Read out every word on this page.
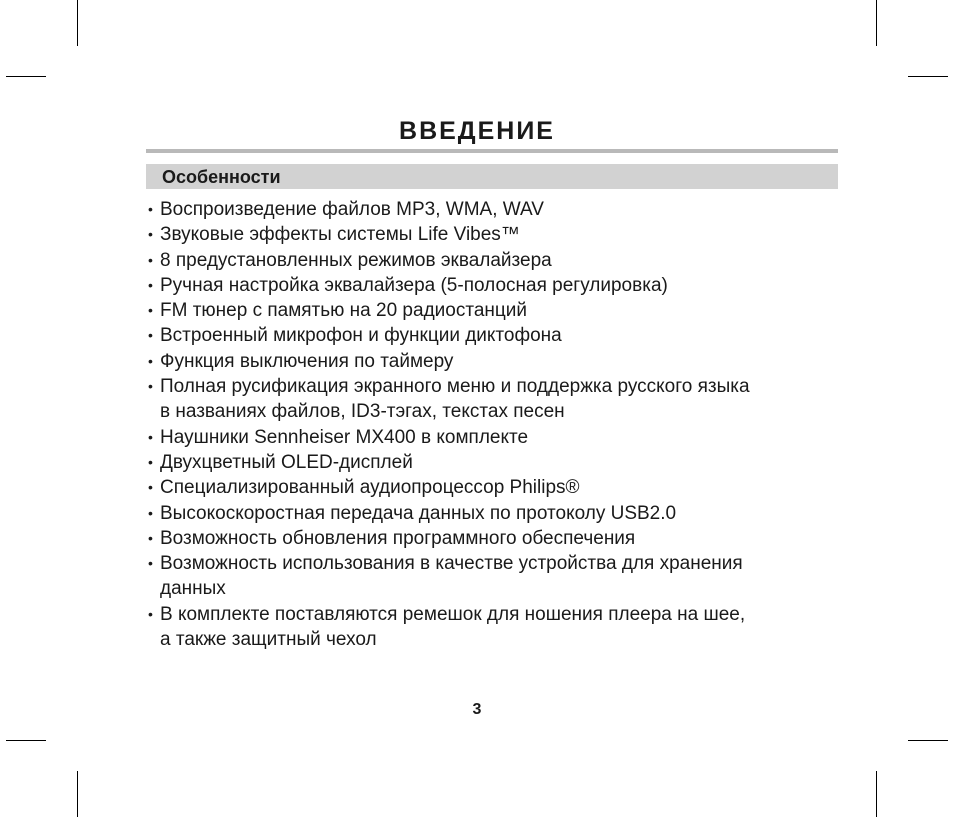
ВВЕДЕНИЕ
Особенности
• Воспроизведение файлов MP3, WMA, WAV
• Звуковые эффекты системы Life Vibes™
• 8 предустановленных режимов эквалайзера
• Ручная настройка эквалайзера (5-полосная регулировка)
• FM тюнер с памятью на 20 радиостанций
• Встроенный микрофон и функции диктофона
• Функция выключения по таймеру
• Полная русификация экранного меню и поддержка русского языка
в названиях файлов, ID3-тэгах, текстах песен
• Наушники Sennheiser MX400 в комплекте
• Двухцветный OLED-дисплей
• Специализированный аудиопроцессор Philips®
• Высокоскоростная передача данных по протоколу USB2.0
• Возможность обновления программного обеспечения
• Возможность использования в качестве устройства для хранения
данных
• В комплекте поставляются ремешок для ношения плеера на шее,
а также защитный чехол
3
